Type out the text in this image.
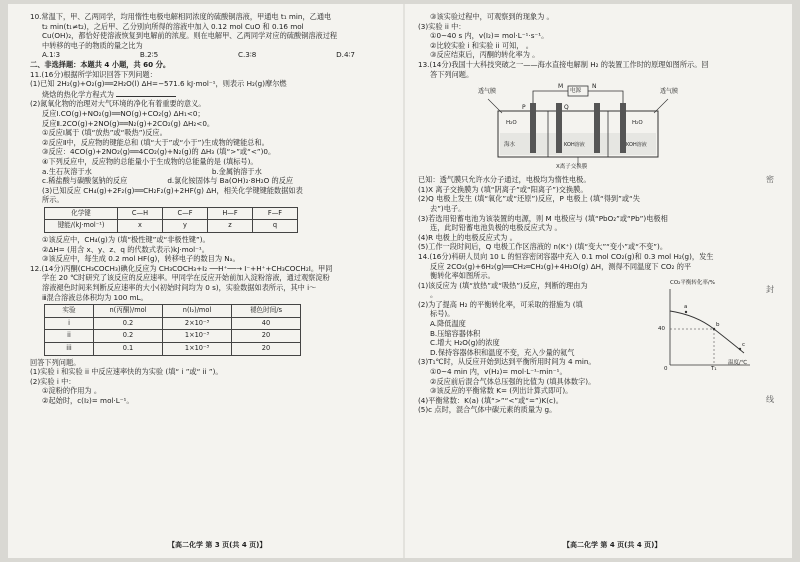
10.常温下，甲、乙两同学，均用惰性电极电解相同浓度的硫酸铜溶液，甲通电 t₁ min，乙通电
t₂ min(t₁≠t₂)，之后甲、乙分别向所得的溶液中加入 0.12 mol CuO 和 0.16 mol
Cu(OH)₂，都恰好使溶液恢复到电解前的浓度。则在电解甲、乙两同学对应的硫酸铜溶液过程
中转移的电子的物质的量之比为
A.1∶3	B.2∶5	C.3∶8	D.4∶7
二、非选择题：本题共 4 小题，共 60 分。
11.(16分)根据所学知识回答下列问题：
(1)已知 2H₂(g)+O₂(g)══2H₂O(l) ΔH=−571.6 kJ·mol⁻¹，则表示 H₂(g)摩尔燃
烧焓的热化学方程式为
(2)氮氧化物的治理对大气环境的净化有着重要的意义。
反应Ⅰ.CO(g)+NO₂(g)══NO(g)+CO₂(g) ΔH₁<0；
反应Ⅱ.2CO(g)+2NO(g)══N₂(g)+2CO₂(g) ΔH₂<0。
①反应Ⅰ属于 (填“放热”或“吸热”)反应。
②反应Ⅱ中，反应物的键能总和 (填“大于”或“小于”)生成物的键能总和。
③反应：4CO(g)+2NO₂(g)══4CO₂(g)+N₂(g)的 ΔH₃ (填“>”或“<”)0。
④下列反应中，反应物的总能量小于生成物的总能量的是 (填标号)。
a.生石灰溶于水	b.金属钠溶于水
c.稀盐酸与碳酸氢钠的反应	d.氯化铵固体与 Ba(OH)₂·8H₂O 的反应
(3)已知反应 CH₄(g)+2F₂(g)══CH₂F₂(g)+2HF(g) ΔH，相关化学键键能数据如表
所示。
化学键	C—H	C—F	H—F	F—F
键能/(kJ·mol⁻¹)	x	y	z	q
①该反应中，CH₄(g)为 (填“极性键”或“非极性键”)。
②ΔH= (用含 x、y、z、q 的代数式表示)kJ·mol⁻¹。
③该反应中，每生成 0.2 mol HF(g)，转移电子的数目为 Nₐ。
12.(14分)丙酮(CH₃COCH₃)碘化反应为 CH₃COCH₃+I₂ ──H⁺──→ I⁻+H⁺+CH₃COCH₂I。甲同
学在 20 ℃时研究了该反应的反应速率。甲同学在反应开始前加入淀粉溶液，通过观察淀粉
溶液褪色时间来判断反应速率的大小(初始时间均为 0 s)，实验数据如表所示，其中 i～
ⅲ混合溶液总体积均为 100 mL。
实验	n(丙酮)/mol	n(I₂)/mol	褪色时间/s
i	0.2	2×10⁻³	40
ii	0.2	1×10⁻³	20
iii	0.1	1×10⁻³	20
回答下列问题。
(1)实验 i 和实验 ii 中反应速率快的为实验 (填“ i ”或“ ii ”)。
(2)实验 i 中：
①淀粉的作用为 。
②起始时，c(I₂)= mol·L⁻¹。
【高二化学 第 3 页(共 4 页)】
③该实验过程中，可观察到的现象为 。
(3)实验 ii 中：
①0~40 s 内，v(I₂)= mol·L⁻¹·s⁻¹。
②比较实验 i 和实验 ii 可知， 。
③反应结束后，丙酮的转化率为 。
13.(14分)我国十大科技突破之一——海水直接电解制 H₂ 的装置工作时的原理如图所示。回
答下列问题。
透气膜	透气膜
电源
M	N
P	Q
H₂O	H₂O
海水	KOH溶液	KOH溶液
X离子交换膜
已知：透气膜只允许水分子通过，电极均为惰性电极。
(1)X 离子交换膜为 (填“阴离子”或“阳离子”)交换膜。
(2)Q 电极上发生 (填“氧化”或“还原”)反应，P 电极上 (填“得到”或“失
去”)电子。
(3)若选用铅蓄电池为该装置的电源，则 M 电极应与 (填“PbO₂”或“Pb”)电极相
连，此时铅蓄电池负极的电极反应式为 。
(4)R 电极上的电极反应式为 。
(5)工作一段时间后，Q 电极工作区溶液的 n(K⁺) (填“变大”“变小”或“不变”)。
14.(16分)科研人员向 10 L 的恒容密闭容器中充入 0.1 mol CO₂(g)和 0.3 mol H₂(g)，发生
反应 2CO₂(g)+6H₂(g)══CH₂═CH₂(g)+4H₂O(g) ΔH，测得不同温度下 CO₂ 的平
衡转化率如图所示。
CO₂平衡转化率/%
40
a
b
c
T₁
0
温度/℃
(1)该反应为 (填“放热”或“吸热”)反应，判断的理由为
。
(2)为了提高 H₂ 的平衡转化率，可采取的措施为 (填
标号)。
A.降低温度
B.压缩容器体积
C.增大 H₂O(g)的浓度
D.保持容器体积和温度不变，充入少量的氦气
(3)T₁℃时，从反应开始到达到平衡所用时间为 4 min。
①0~4 min 内，v(H₂)= mol·L⁻¹·min⁻¹。
②反应前后混合气体总压强的比值为 (填具体数字)。
③该反应的平衡常数 K= (列出计算式即可)。
(4)平衡常数：K(a) (填“>”“<”或“=”)K(c)。
(5)c 点时，混合气体中碳元素的质量为 g。
【高二化学 第 4 页(共 4 页)】
密
封
线
